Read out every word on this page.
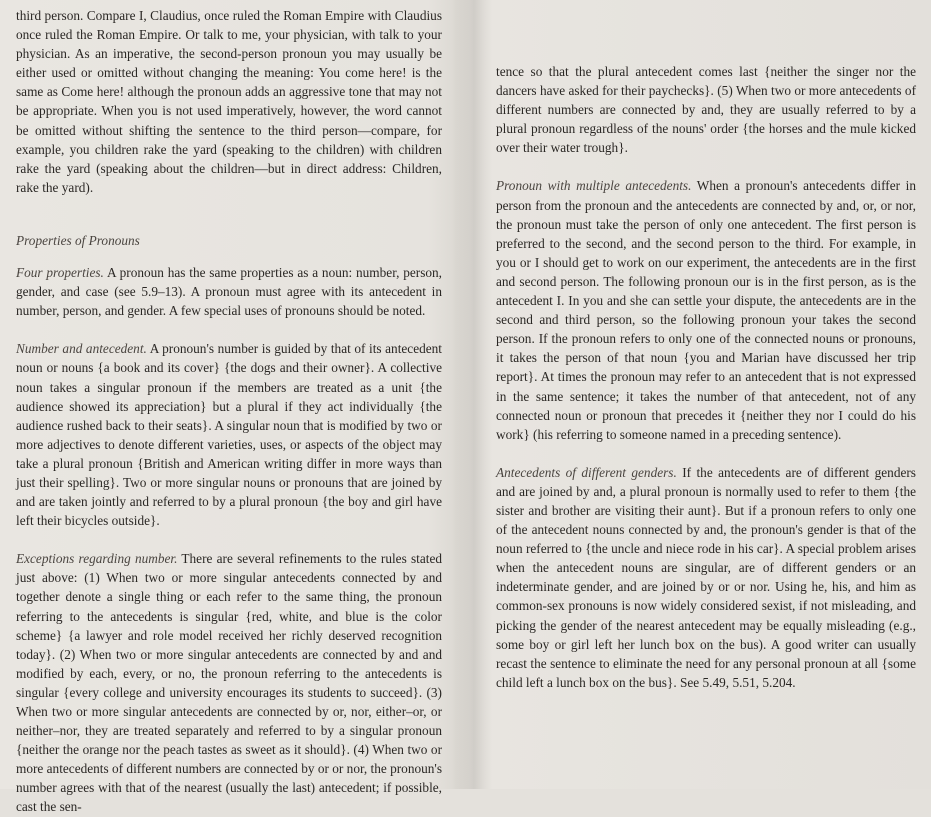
third person. Compare I, Claudius, once ruled the Roman Empire with Claudius once ruled the Roman Empire. Or talk to me, your physician, with talk to your physician. As an imperative, the second-person pronoun you may usually be either used or omitted without changing the meaning: You come here! is the same as Come here! although the pronoun adds an aggressive tone that may not be appropriate. When you is not used imperatively, however, the word cannot be omitted without shifting the sentence to the third person—compare, for example, you children rake the yard (speaking to the children) with children rake the yard (speaking about the children—but in direct address: Children, rake the yard).

Properties of Pronouns

Four properties. A pronoun has the same properties as a noun: number, person, gender, and case (see 5.9–13). A pronoun must agree with its antecedent in number, person, and gender. A few special uses of pronouns should be noted.

Number and antecedent. A pronoun's number is guided by that of its antecedent noun or nouns {a book and its cover} {the dogs and their owner}. A collective noun takes a singular pronoun if the members are treated as a unit {the audience showed its appreciation} but a plural if they act individually {the audience rushed back to their seats}. A singular noun that is modified by two or more adjectives to denote different varieties, uses, or aspects of the object may take a plural pronoun {British and American writing differ in more ways than just their spelling}. Two or more singular nouns or pronouns that are joined by and are taken jointly and referred to by a plural pronoun {the boy and girl have left their bicycles outside}.

Exceptions regarding number. There are several refinements to the rules stated just above: (1) When two or more singular antecedents connected by and together denote a single thing or each refer to the same thing, the pronoun referring to the antecedents is singular {red, white, and blue is the color scheme} {a lawyer and role model received her richly deserved recognition today}. (2) When two or more singular antecedents are connected by and and modified by each, every, or no, the pronoun referring to the antecedents is singular {every college and university encourages its students to succeed}. (3) When two or more singular antecedents are connected by or, nor, either–or, or neither–nor, they are treated separately and referred to by a singular pronoun {neither the orange nor the peach tastes as sweet as it should}. (4) When two or more antecedents of different numbers are connected by or or nor, the pronoun's number agrees with that of the nearest (usually the last) antecedent; if possible, cast the sen-

tence so that the plural antecedent comes last {neither the singer nor the dancers have asked for their paychecks}. (5) When two or more antecedents of different numbers are connected by and, they are usually referred to by a plural pronoun regardless of the nouns' order {the horses and the mule kicked over their water trough}.

Pronoun with multiple antecedents. When a pronoun's antecedents differ in person from the pronoun and the antecedents are connected by and, or, or nor, the pronoun must take the person of only one antecedent. The first person is preferred to the second, and the second person to the third. For example, in you or I should get to work on our experiment, the antecedents are in the first and second person. The following pronoun our is in the first person, as is the antecedent I. In you and she can settle your dispute, the antecedents are in the second and third person, so the following pronoun your takes the second person. If the pronoun refers to only one of the connected nouns or pronouns, it takes the person of that noun {you and Marian have discussed her trip report}. At times the pronoun may refer to an antecedent that is not expressed in the same sentence; it takes the number of that antecedent, not of any connected noun or pronoun that precedes it {neither they nor I could do his work} (his referring to someone named in a preceding sentence).

Antecedents of different genders. If the antecedents are of different genders and are joined by and, a plural pronoun is normally used to refer to them {the sister and brother are visiting their aunt}. But if a pronoun refers to only one of the antecedent nouns connected by and, the pronoun's gender is that of the noun referred to {the uncle and niece rode in his car}. A special problem arises when the antecedent nouns are singular, are of different genders or an indeterminate gender, and are joined by or or nor. Using he, his, and him as common-sex pronouns is now widely considered sexist, if not misleading, and picking the gender of the nearest antecedent may be equally misleading (e.g., some boy or girl left her lunch box on the bus). A good writer can usually recast the sentence to eliminate the need for any personal pronoun at all {some child left a lunch box on the bus}. See 5.49, 5.51, 5.204.
